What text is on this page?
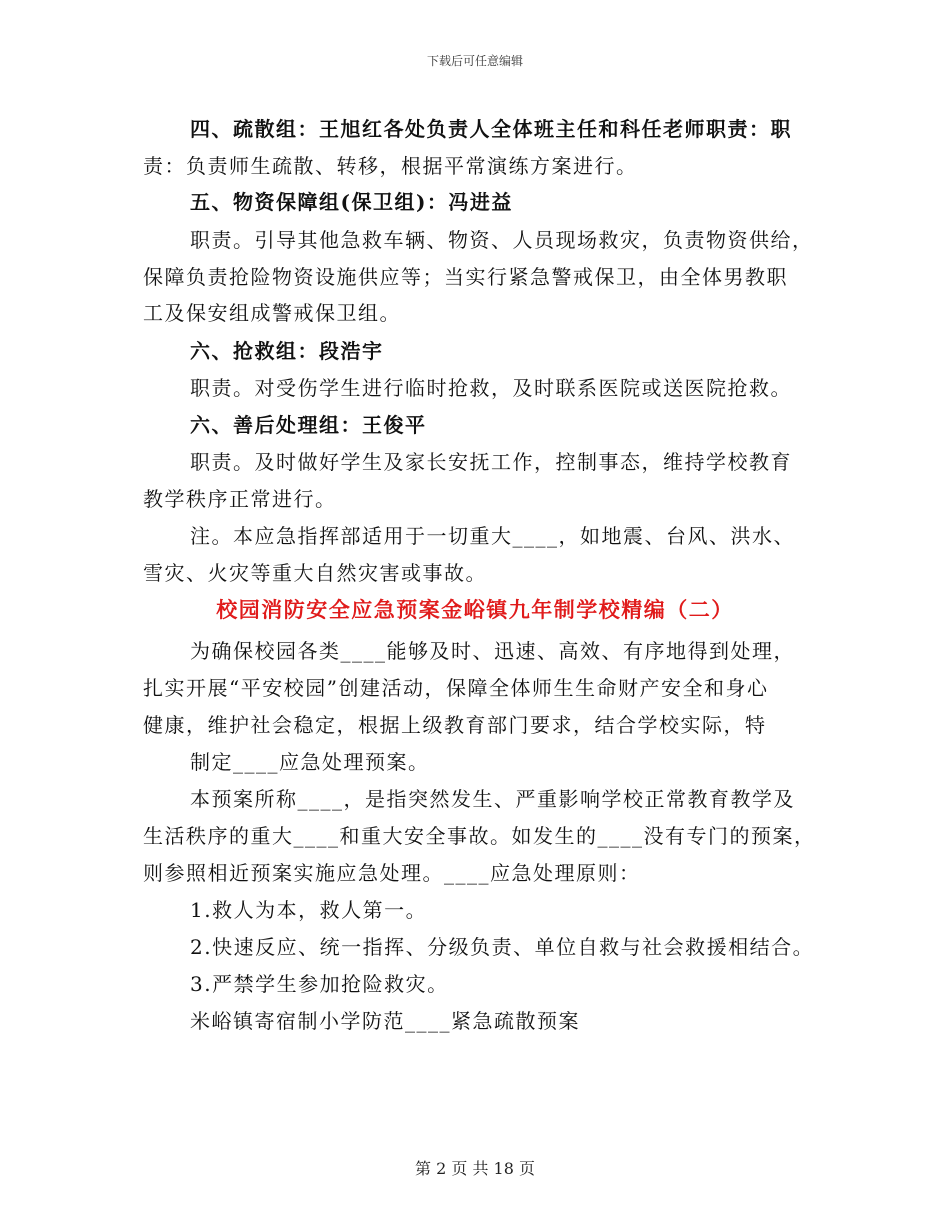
下载后可任意编辑
四、疏散组：王旭红各处负责人全体班主任和科任老师职责：职
责：负责师生疏散、转移，根据平常演练方案进行。
五、物资保障组(保卫组)：冯进益
职责。引导其他急救车辆、物资、人员现场救灾，负责物资供给，
保障负责抢险物资设施供应等；当实行紧急警戒保卫，由全体男教职
工及保安组成警戒保卫组。
六、抢救组：段浩宇
职责。对受伤学生进行临时抢救，及时联系医院或送医院抢救。
六、善后处理组：王俊平
职责。及时做好学生及家长安抚工作，控制事态，维持学校教育
教学秩序正常进行。
注。本应急指挥部适用于一切重大____，如地震、台风、洪水、
雪灾、火灾等重大自然灾害或事故。
校园消防安全应急预案金峪镇九年制学校精编（二）
为确保校园各类____能够及时、迅速、高效、有序地得到处理，
扎实开展“平安校园”创建活动，保障全体师生生命财产安全和身心
健康，维护社会稳定，根据上级教育部门要求，结合学校实际，特
制定____应急处理预案。
本预案所称____，是指突然发生、严重影响学校正常教育教学及
生活秩序的重大____和重大安全事故。如发生的____没有专门的预案，
则参照相近预案实施应急处理。____应急处理原则：
1.救人为本，救人第一。
2.快速反应、统一指挥、分级负责、单位自救与社会救援相结合。
3.严禁学生参加抢险救灾。
米峪镇寄宿制小学防范____紧急疏散预案
第 2 页 共 18 页
